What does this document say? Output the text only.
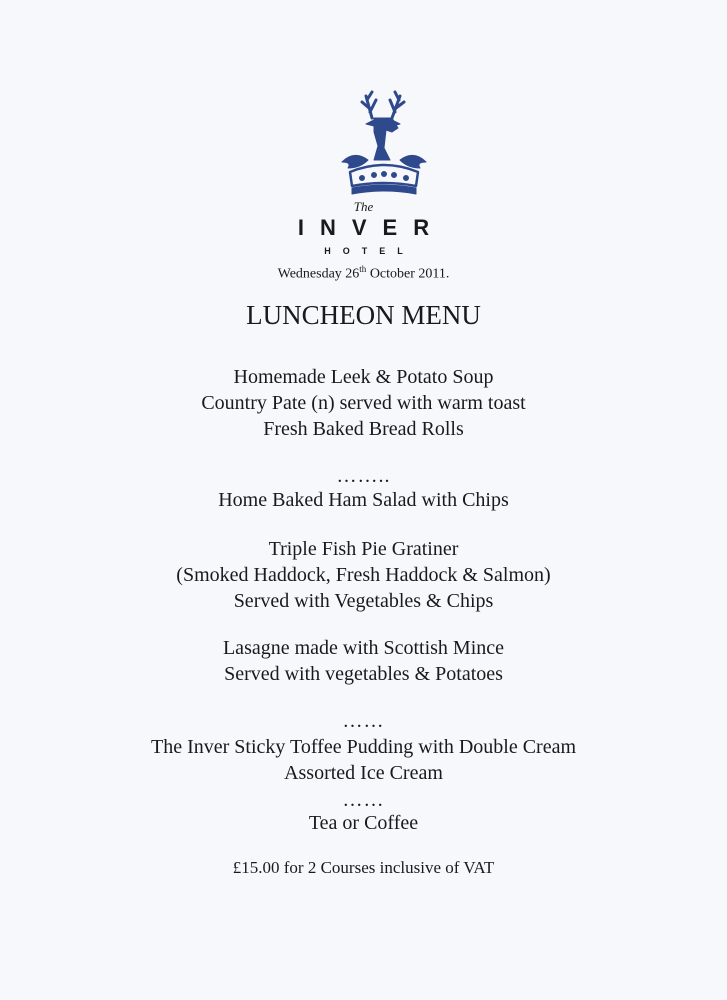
The
INVER
HOTEL
Wednesday 26th October 2011.
LUNCHEON MENU
Homemade Leek & Potato Soup
Country Pate (n) served with warm toast
Fresh Baked Bread Rolls
……..
Home Baked Ham Salad with Chips
Triple Fish Pie Gratiner
(Smoked Haddock, Fresh Haddock & Salmon)
Served with Vegetables & Chips
Lasagne made with Scottish Mince
Served with vegetables & Potatoes
……
The Inver Sticky Toffee Pudding with Double Cream
Assorted Ice Cream
……
Tea or Coffee
£15.00 for 2 Courses inclusive of VAT
